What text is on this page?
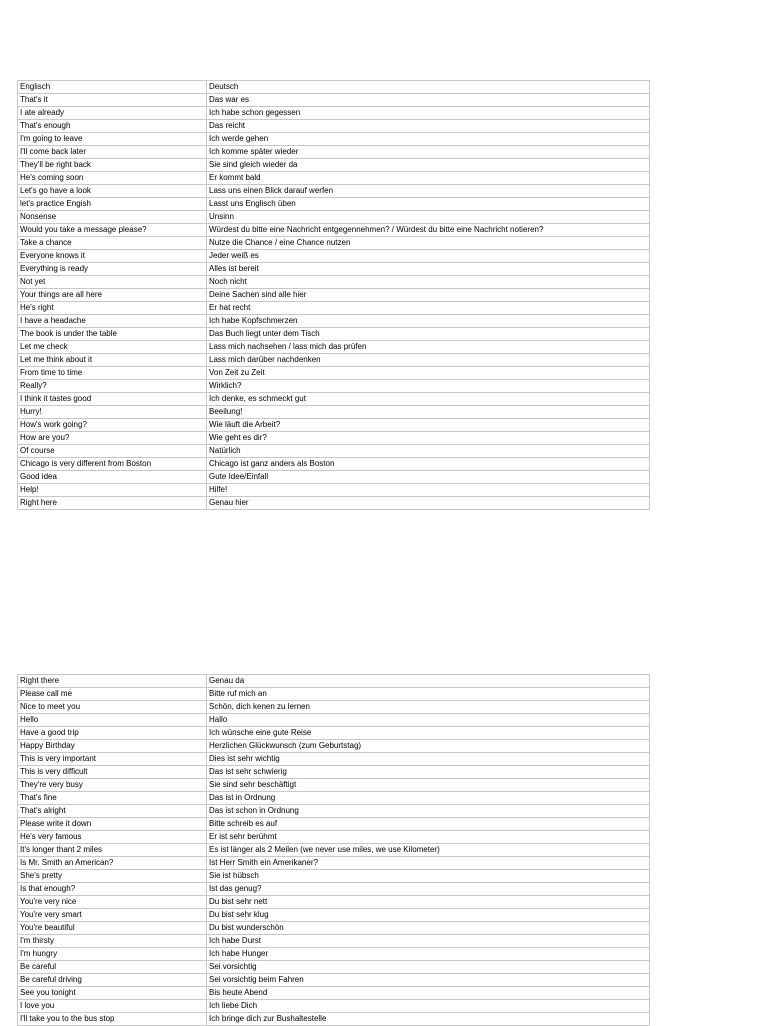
Englisch	Deutsch
That's it	Das war es
I ate already	Ich habe schon gegessen
That's enough	Das reicht
I'm going to leave	Ich werde gehen
I'll come back later	Ich komme später wieder
They'll be right back	Sie sind gleich wieder da
He's coming soon	Er kommt bald
Let's go have a look	Lass uns einen Blick darauf werfen
let's practice Engish	Lasst uns Englisch üben
Nonsense	Unsinn
Would you take a message please?	Würdest du bitte eine Nachricht entgegennehmen? / Würdest du bitte eine Nachricht notieren?
Take a chance	Nutze die Chance / eine Chance nutzen
Everyone knows it	Jeder weiß es
Everything is ready	Alles ist bereit
Not yet	Noch nicht
Your things are all here	Deine Sachen sind alle hier
He's right	Er hat recht
I have a headache	Ich habe Kopfschmerzen
The book is under the table	Das Buch liegt unter dem Tisch
Let me check	Lass mich nachsehen / lass mich das prüfen
Let me think about it	Lass mich darüber nachdenken
From time to time	Von Zeit zu Zeit
Really?	Wirklich?
I think it tastes good	Ich denke, es schmeckt gut
Hurry!	Beeilung!
How's work going?	Wie läuft die Arbeit?
How are you?	Wie geht es dir?
Of course	Natürlich
Chicago is very different from Boston	Chicago ist ganz anders als Boston
Good idea	Gute Idee/Einfall
Help!	Hilfe!
Right here	Genau hier
Right there	Genau da
Please call me	Bitte ruf mich an
Nice to meet you	Schön, dich kenen zu lernen
Hello	Hallo
Have a good trip	Ich wünsche eine gute Reise
Happy Birthday	Herzlichen Glückwunsch (zum Geburtstag)
This is very important	Dies ist sehr wichtig
This is very difficult	Das ist sehr schwierig
They're very busy	Sie sind sehr beschäftigt
That's fine	Das ist in Ordnung
That's alright	Das ist schon in Ordnung
Please write it down	Bitte schreib es auf
He's very famous	Er ist sehr berühmt
It's longer thant 2 miles	Es ist länger als 2 Meilen (we never use miles, we use Kilometer)
Is Mr. Smith an American?	Ist Herr Smith ein Amerikaner?
She's pretty	Sie ist hübsch
Is that enough?	Ist das genug?
You're very nice	Du bist sehr nett
You're very smart	Du bist sehr klug
You're beautiful	Du bist wunderschön
I'm thirsty	Ich habe Durst
I'm hungry	Ich habe Hunger
Be careful	Sei vorsichtig
Be careful driving	Sei vorsichtig beim Fahren
See you tonight	Bis heute Abend
I love you	Ich liebe Dich
I'll take you to the bus stop	Ich bringe dich zur Bushaltestelle
